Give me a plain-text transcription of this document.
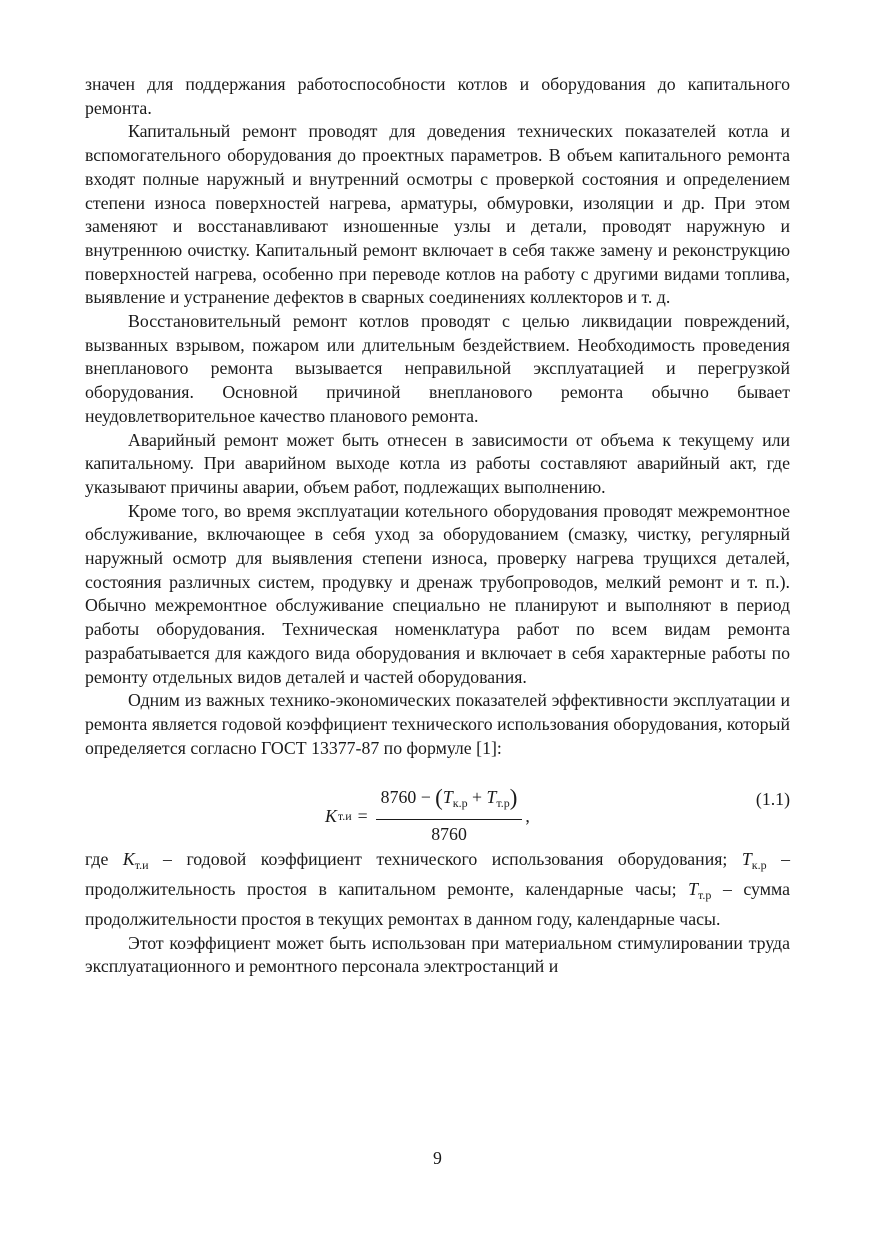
значен для поддержания работоспособности котлов и оборудования до капитального ремонта.

Капитальный ремонт проводят для доведения технических показателей котла и вспомогательного оборудования до проектных параметров. В объем капитального ремонта входят полные наружный и внутренний осмотры с проверкой состояния и определением степени износа поверхностей нагрева, арматуры, обмуровки, изоляции и др. При этом заменяют и восстанавливают изношенные узлы и детали, проводят наружную и внутреннюю очистку. Капитальный ремонт включает в себя также замену и реконструкцию поверхностей нагрева, особенно при переводе котлов на работу с другими видами топлива, выявление и устранение дефектов в сварных соединениях коллекторов и т. д.

Восстановительный ремонт котлов проводят с целью ликвидации повреждений, вызванных взрывом, пожаром или длительным бездействием. Необходимость проведения внепланового ремонта вызывается неправильной эксплуатацией и перегрузкой оборудования. Основной причиной внепланового ремонта обычно бывает неудовлетворительное качество планового ремонта.

Аварийный ремонт может быть отнесен в зависимости от объема к текущему или капитальному. При аварийном выходе котла из работы составляют аварийный акт, где указывают причины аварии, объем работ, подлежащих выполнению.

Кроме того, во время эксплуатации котельного оборудования проводят межремонтное обслуживание, включающее в себя уход за оборудованием (смазку, чистку, регулярный наружный осмотр для выявления степени износа, проверку нагрева трущихся деталей, состояния различных систем, продувку и дренаж трубопроводов, мелкий ремонт и т. п.). Обычно межремонтное обслуживание специально не планируют и выполняют в период работы оборудования. Техническая номенклатура работ по всем видам ремонта разрабатывается для каждого вида оборудования и включает в себя характерные работы по ремонту отдельных видов деталей и частей оборудования.

Одним из важных технико-экономических показателей эффективности эксплуатации и ремонта является годовой коэффициент технического использования оборудования, который определяется согласно ГОСТ 13377-87 по формуле [1]:

K $т.и = \frac{8760 - (T_{к.р} + T_{т.р})}{8760}$ ,
(1.1)

где $K_{т.и}$ – годовой коэффициент технического использования оборудования; $T_{к.р}$ – продолжительность простоя в капитальном ремонте, календарные часы; $T_{т.р}$ – сумма продолжительности простоя в текущих ремонтах в данном году, календарные часы.

Этот коэффициент может быть использован при материальном стимулировании труда эксплуатационного и ремонтного персонала электростанций и

9
